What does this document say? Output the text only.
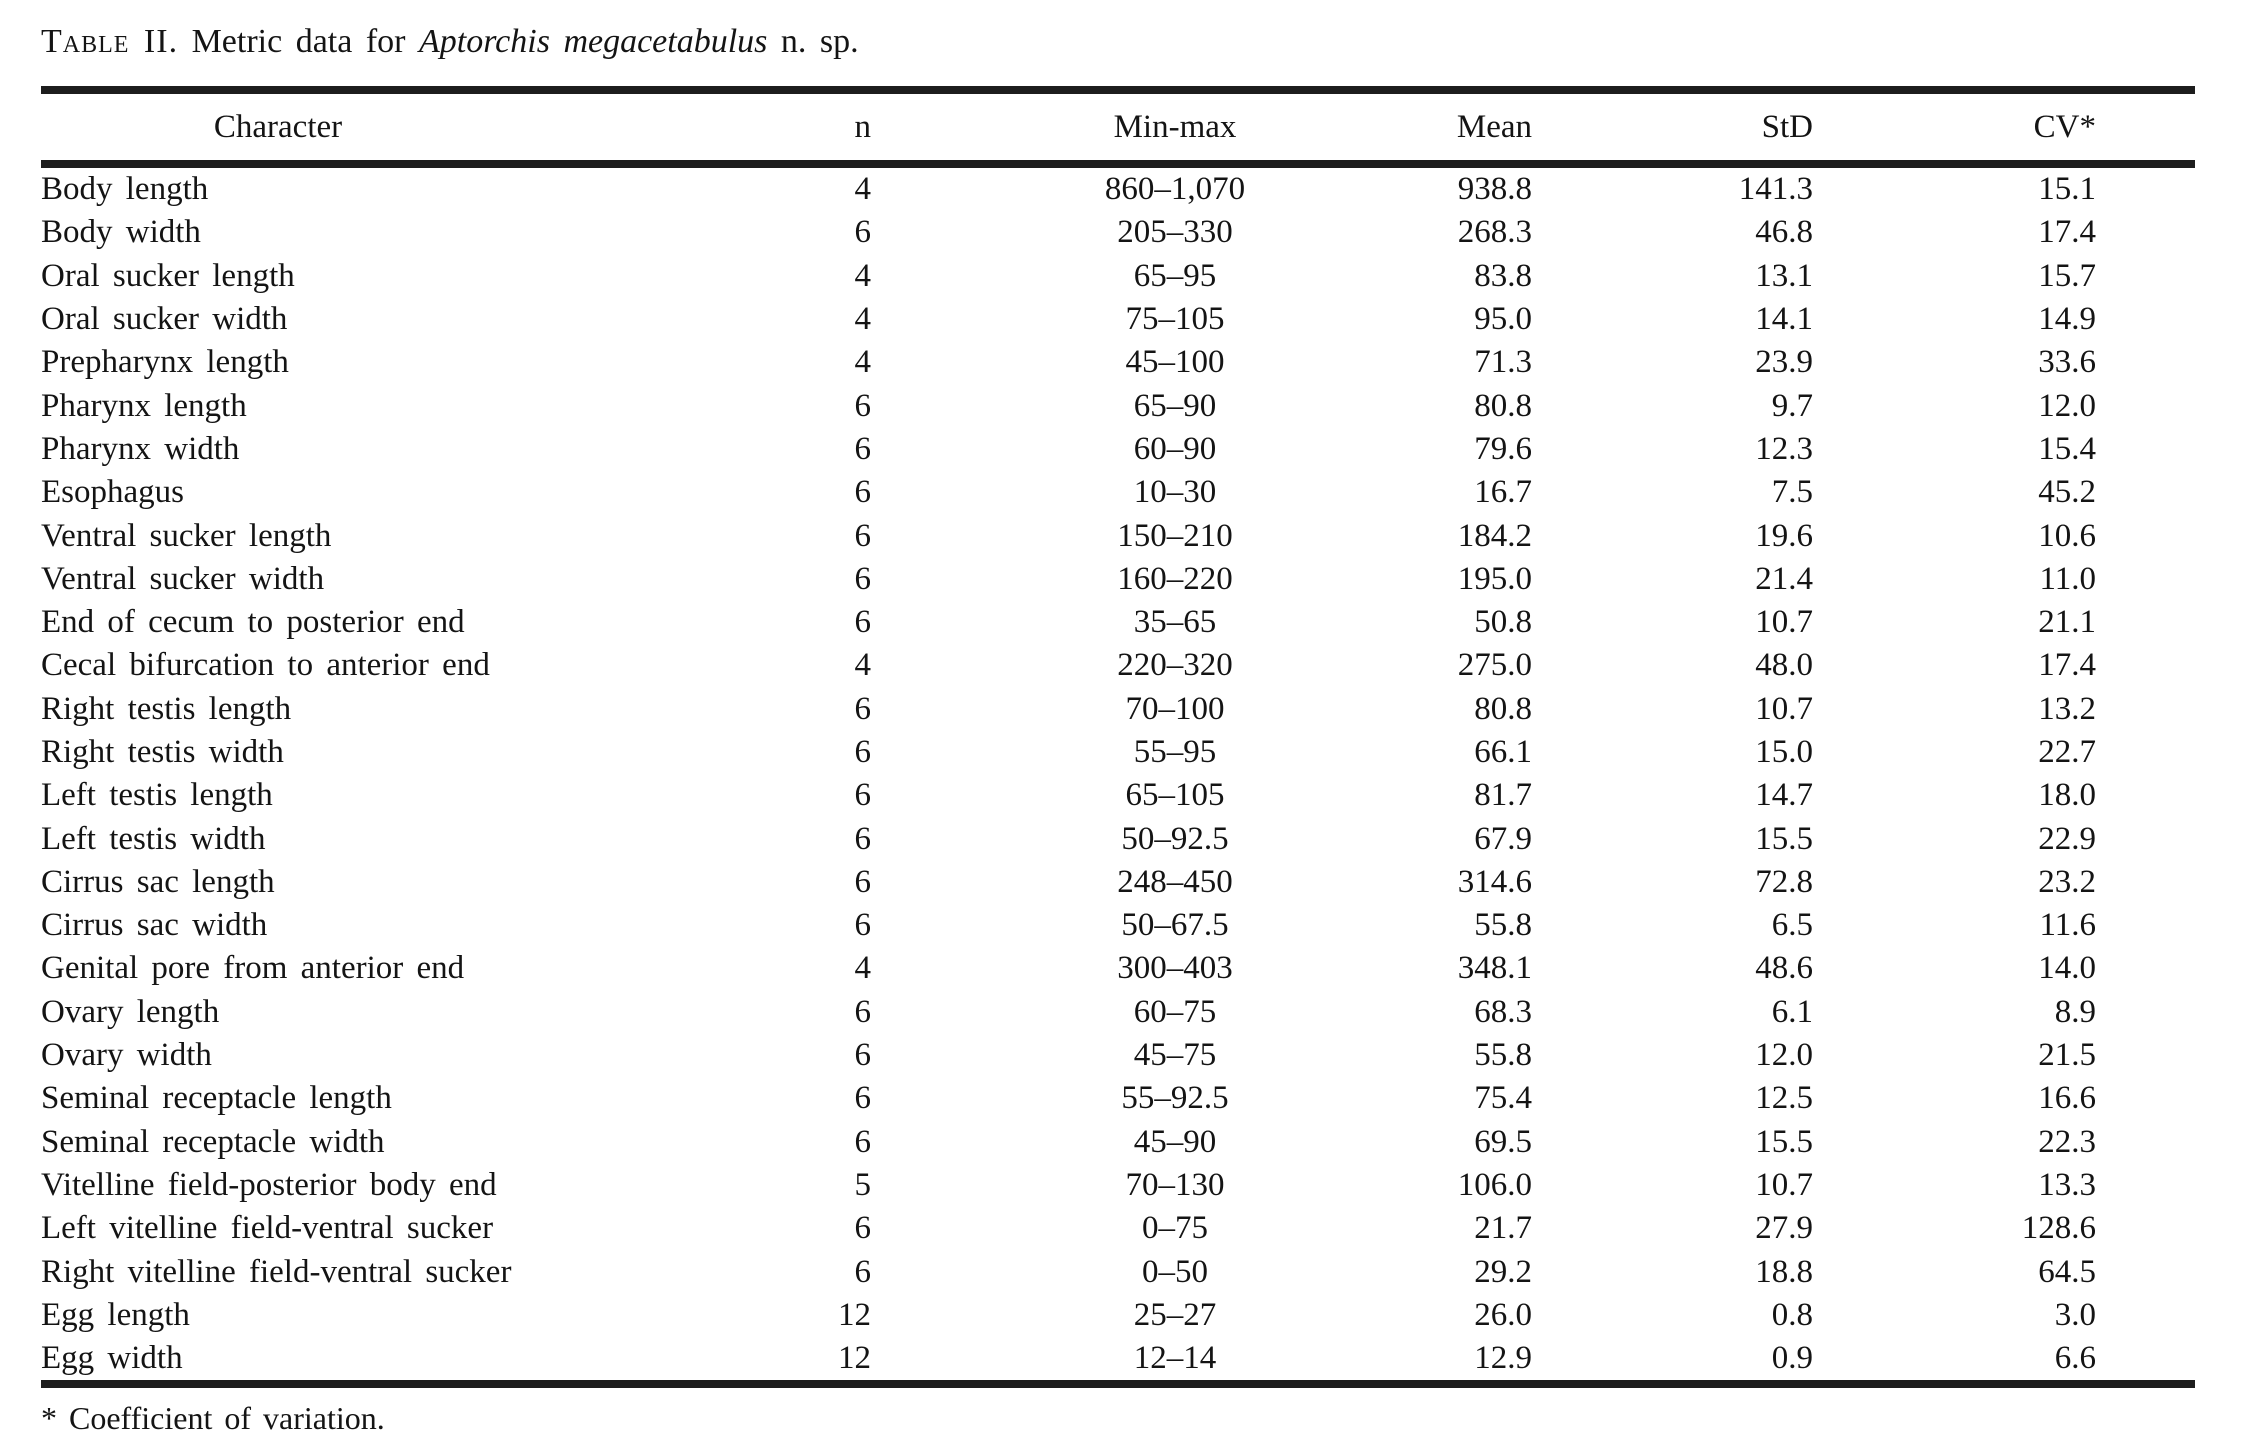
Table II. Metric data for Aptorchis megacetabulus n. sp.
Character	n	Min-max	Mean	StD	CV*
Body length	4	860–1,070	938.8	141.3	15.1
Body width	6	205–330	268.3	46.8	17.4
Oral sucker length	4	65–95	83.8	13.1	15.7
Oral sucker width	4	75–105	95.0	14.1	14.9
Prepharynx length	4	45–100	71.3	23.9	33.6
Pharynx length	6	65–90	80.8	9.7	12.0
Pharynx width	6	60–90	79.6	12.3	15.4
Esophagus	6	10–30	16.7	7.5	45.2
Ventral sucker length	6	150–210	184.2	19.6	10.6
Ventral sucker width	6	160–220	195.0	21.4	11.0
End of cecum to posterior end	6	35–65	50.8	10.7	21.1
Cecal bifurcation to anterior end	4	220–320	275.0	48.0	17.4
Right testis length	6	70–100	80.8	10.7	13.2
Right testis width	6	55–95	66.1	15.0	22.7
Left testis length	6	65–105	81.7	14.7	18.0
Left testis width	6	50–92.5	67.9	15.5	22.9
Cirrus sac length	6	248–450	314.6	72.8	23.2
Cirrus sac width	6	50–67.5	55.8	6.5	11.6
Genital pore from anterior end	4	300–403	348.1	48.6	14.0
Ovary length	6	60–75	68.3	6.1	8.9
Ovary width	6	45–75	55.8	12.0	21.5
Seminal receptacle length	6	55–92.5	75.4	12.5	16.6
Seminal receptacle width	6	45–90	69.5	15.5	22.3
Vitelline field-posterior body end	5	70–130	106.0	10.7	13.3
Left vitelline field-ventral sucker	6	0–75	21.7	27.9	128.6
Right vitelline field-ventral sucker	6	0–50	29.2	18.8	64.5
Egg length	12	25–27	26.0	0.8	3.0
Egg width	12	12–14	12.9	0.9	6.6
* Coefficient of variation.
